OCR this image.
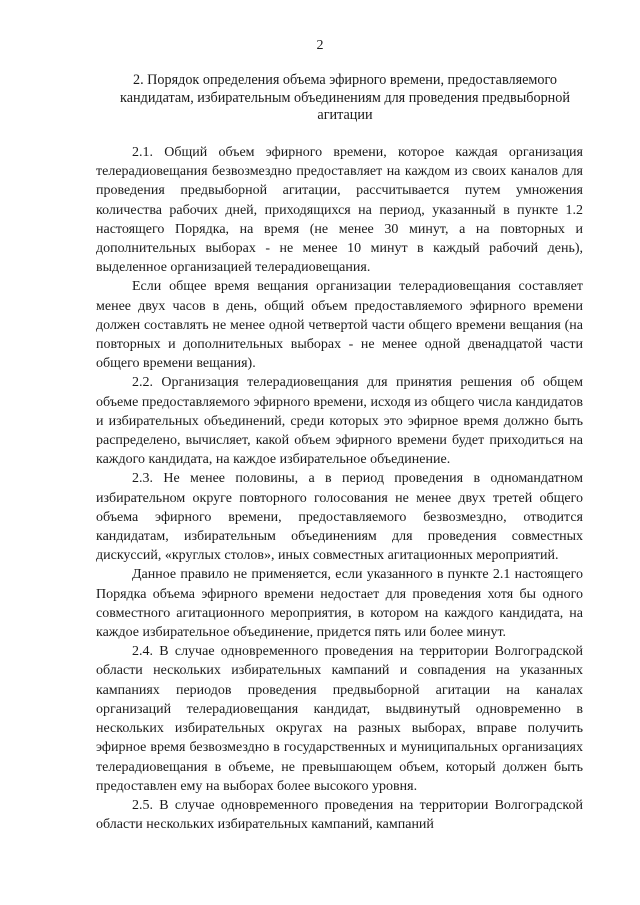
2
2. Порядок определения объема эфирного времени, предоставляемого кандидатам, избирательным объединениям для проведения предвыборной агитации

2.1. Общий объем эфирного времени, которое каждая организация телерадиовещания безвозмездно предоставляет на каждом из своих каналов для проведения предвыборной агитации, рассчитывается путем умножения количества рабочих дней, приходящихся на период, указанный в пункте 1.2 настоящего Порядка, на время (не менее 30 минут, а на повторных и дополнительных выборах - не менее 10 минут в каждый рабочий день), выделенное организацией телерадиовещания.

Если общее время вещания организации телерадиовещания составляет менее двух часов в день, общий объем предоставляемого эфирного времени должен составлять не менее одной четвертой части общего времени вещания (на повторных и дополнительных выборах - не менее одной двенадцатой части общего времени вещания).

2.2. Организация телерадиовещания для принятия решения об общем объеме предоставляемого эфирного времени, исходя из общего числа кандидатов и избирательных объединений, среди которых это эфирное время должно быть распределено, вычисляет, какой объем эфирного времени будет приходиться на каждого кандидата, на каждое избирательное объединение.

2.3. Не менее половины, а в период проведения в одномандатном избирательном округе повторного голосования не менее двух третей общего объема эфирного времени, предоставляемого безвозмездно, отводится кандидатам, избирательным объединениям для проведения совместных дискуссий, «круглых столов», иных совместных агитационных мероприятий.

Данное правило не применяется, если указанного в пункте 2.1 настоящего Порядка объема эфирного времени недостает для проведения хотя бы одного совместного агитационного мероприятия, в котором на каждого кандидата, на каждое избирательное объединение, придется пять или более минут.

2.4. В случае одновременного проведения на территории Волгоградской области нескольких избирательных кампаний и совпадения на указанных кампаниях периодов проведения предвыборной агитации на каналах организаций телерадиовещания кандидат, выдвинутый одновременно в нескольких избирательных округах на разных выборах, вправе получить эфирное время безвозмездно в государственных и муниципальных организациях телерадиовещания в объеме, не превышающем объем, который должен быть предоставлен ему на выборах более высокого уровня.

2.5. В случае одновременного проведения на территории Волгоградской области нескольких избирательных кампаний, кампаний
